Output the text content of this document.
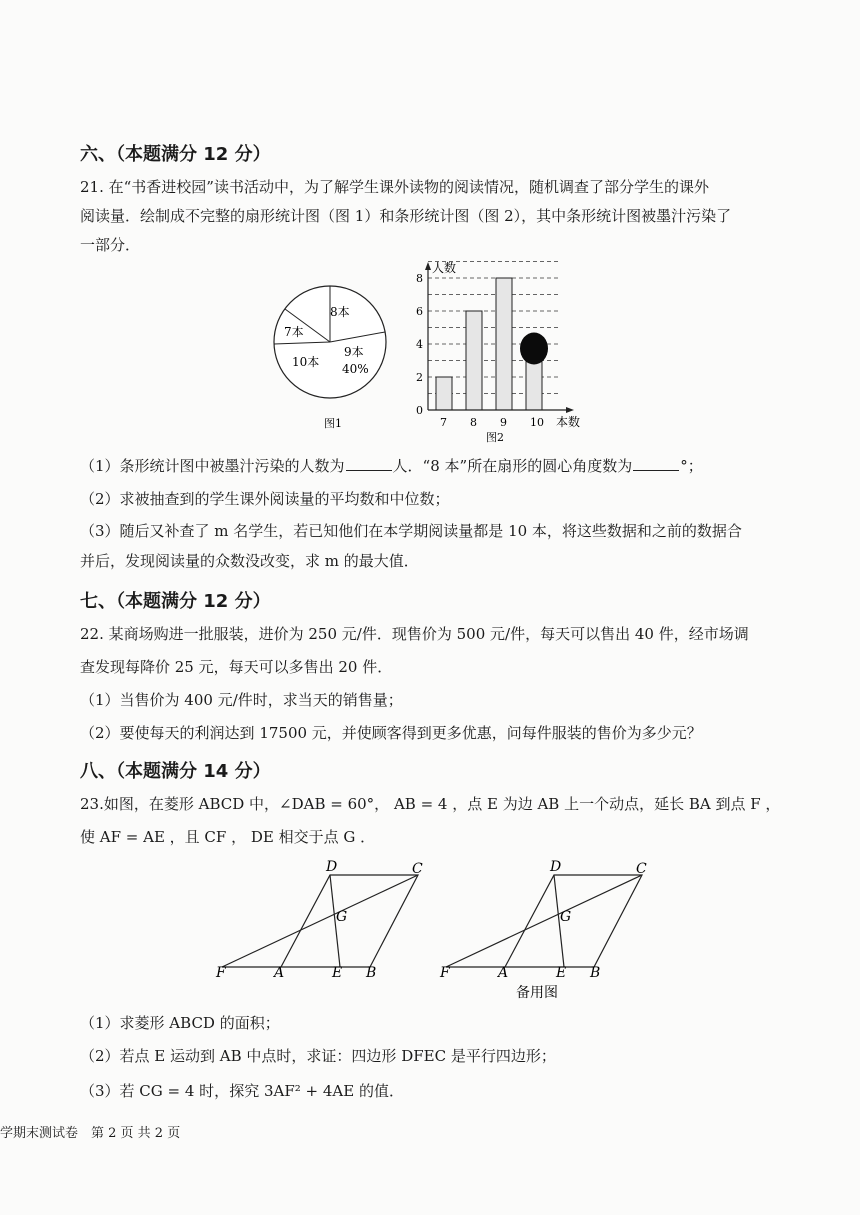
六、（本题满分 12 分）
21. 在“书香进校园”读书活动中，为了解学生课外读物的阅读情况，随机调查了部分学生的课外
阅读量．绘制成不完整的扇形统计图（图 1）和条形统计图（图 2），其中条形统计图被墨汁污染了
一部分．
8本
7本
10本
9本
40%
图1
0
2
4
6
8
7 8 9 10
人数
本数
图2
（1）条形统计图中被墨汁污染的人数为	人．“8 本”所在扇形的圆心角度数为	°；
（2）求被抽查到的学生课外阅读量的平均数和中位数；
（3）随后又补查了 m 名学生，若已知他们在本学期阅读量都是 10 本，将这些数据和之前的数据合
并后，发现阅读量的众数没改变，求 m 的最大值．
七、（本题满分 12 分）
22. 某商场购进一批服装，进价为 250 元/件．现售价为 500 元/件，每天可以售出 40 件，经市场调
查发现每降价 25 元，每天可以多售出 20 件．
（1）当售价为 400 元/件时，求当天的销售量；
（2）要使每天的利润达到 17500 元，并使顾客得到更多优惠，问每件服装的售价为多少元？
八、（本题满分 14 分）
23.如图，在菱形 ABCD 中，∠DAB = 60°， AB = 4 ，点 E 为边 AB 上一个动点，延长 BA 到点 F ，
使 AF = AE ，且 CF ， DE 相交于点 G ．
D	C
G
F	A	E B
D	C
G
F	A	E B
备用图
（1）求菱形 ABCD 的面积；
（2）若点 E 运动到 AB 中点时，求证：四边形 DFEC 是平行四边形；
（3）若 CG = 4 时，探究 3AF² + 4AE 的值．
学期末测试卷　第 2 页 共 2 页
